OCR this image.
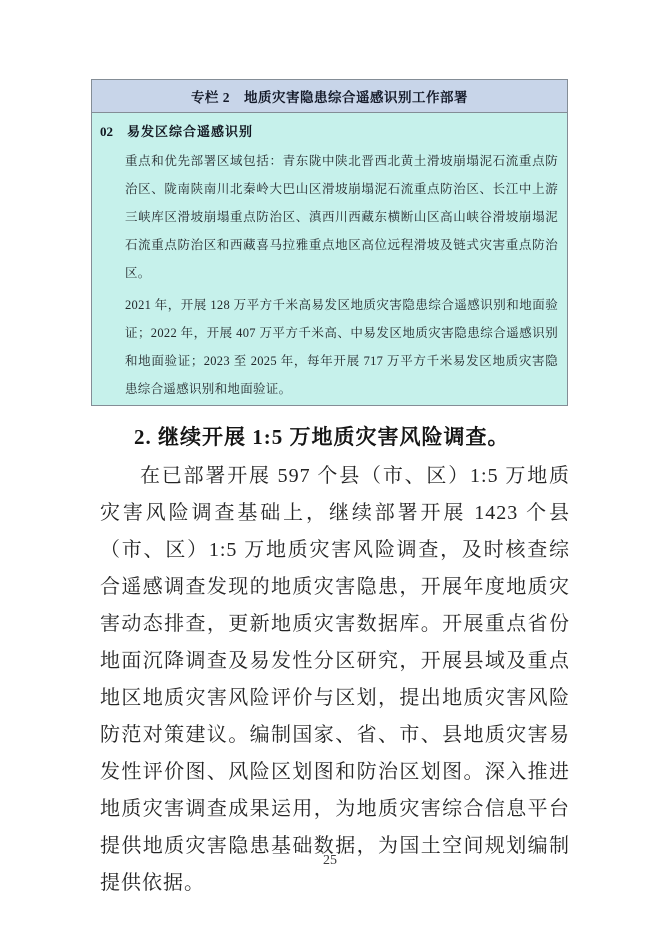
专栏 2　地质灾害隐患综合遥感识别工作部署
02 易发区综合遥感识别

重点和优先部署区域包括：青东陇中陕北晋西北黄土滑坡崩塌泥石流重点防治区、陇南陕南川北秦岭大巴山区滑坡崩塌泥石流重点防治区、长江中上游三峡库区滑坡崩塌重点防治区、滇西川西藏东横断山区高山峡谷滑坡崩塌泥石流重点防治区和西藏喜马拉雅重点地区高位远程滑坡及链式灾害重点防治区。

2021 年，开展 128 万平方千米高易发区地质灾害隐患综合遥感识别和地面验证；2022 年，开展 407 万平方千米高、中易发区地质灾害隐患综合遥感识别和地面验证；2023 至 2025 年，每年开展 717 万平方千米易发区地质灾害隐患综合遥感识别和地面验证。

2. 继续开展 1:5 万地质灾害风险调查。

在已部署开展 597 个县（市、区）1:5 万地质灾害风险调查基础上，继续部署开展 1423 个县（市、区）1:5 万地质灾害风险调查，及时核查综合遥感调查发现的地质灾害隐患，开展年度地质灾害动态排查，更新地质灾害数据库。开展重点省份地面沉降调查及易发性分区研究，开展县域及重点地区地质灾害风险评价与区划，提出地质灾害风险防范对策建议。编制国家、省、市、县地质灾害易发性评价图、风险区划图和防治区划图。深入推进地质灾害调查成果运用，为地质灾害综合信息平台提供地质灾害隐患基础数据，为国土空间规划编制提供依据。

25
